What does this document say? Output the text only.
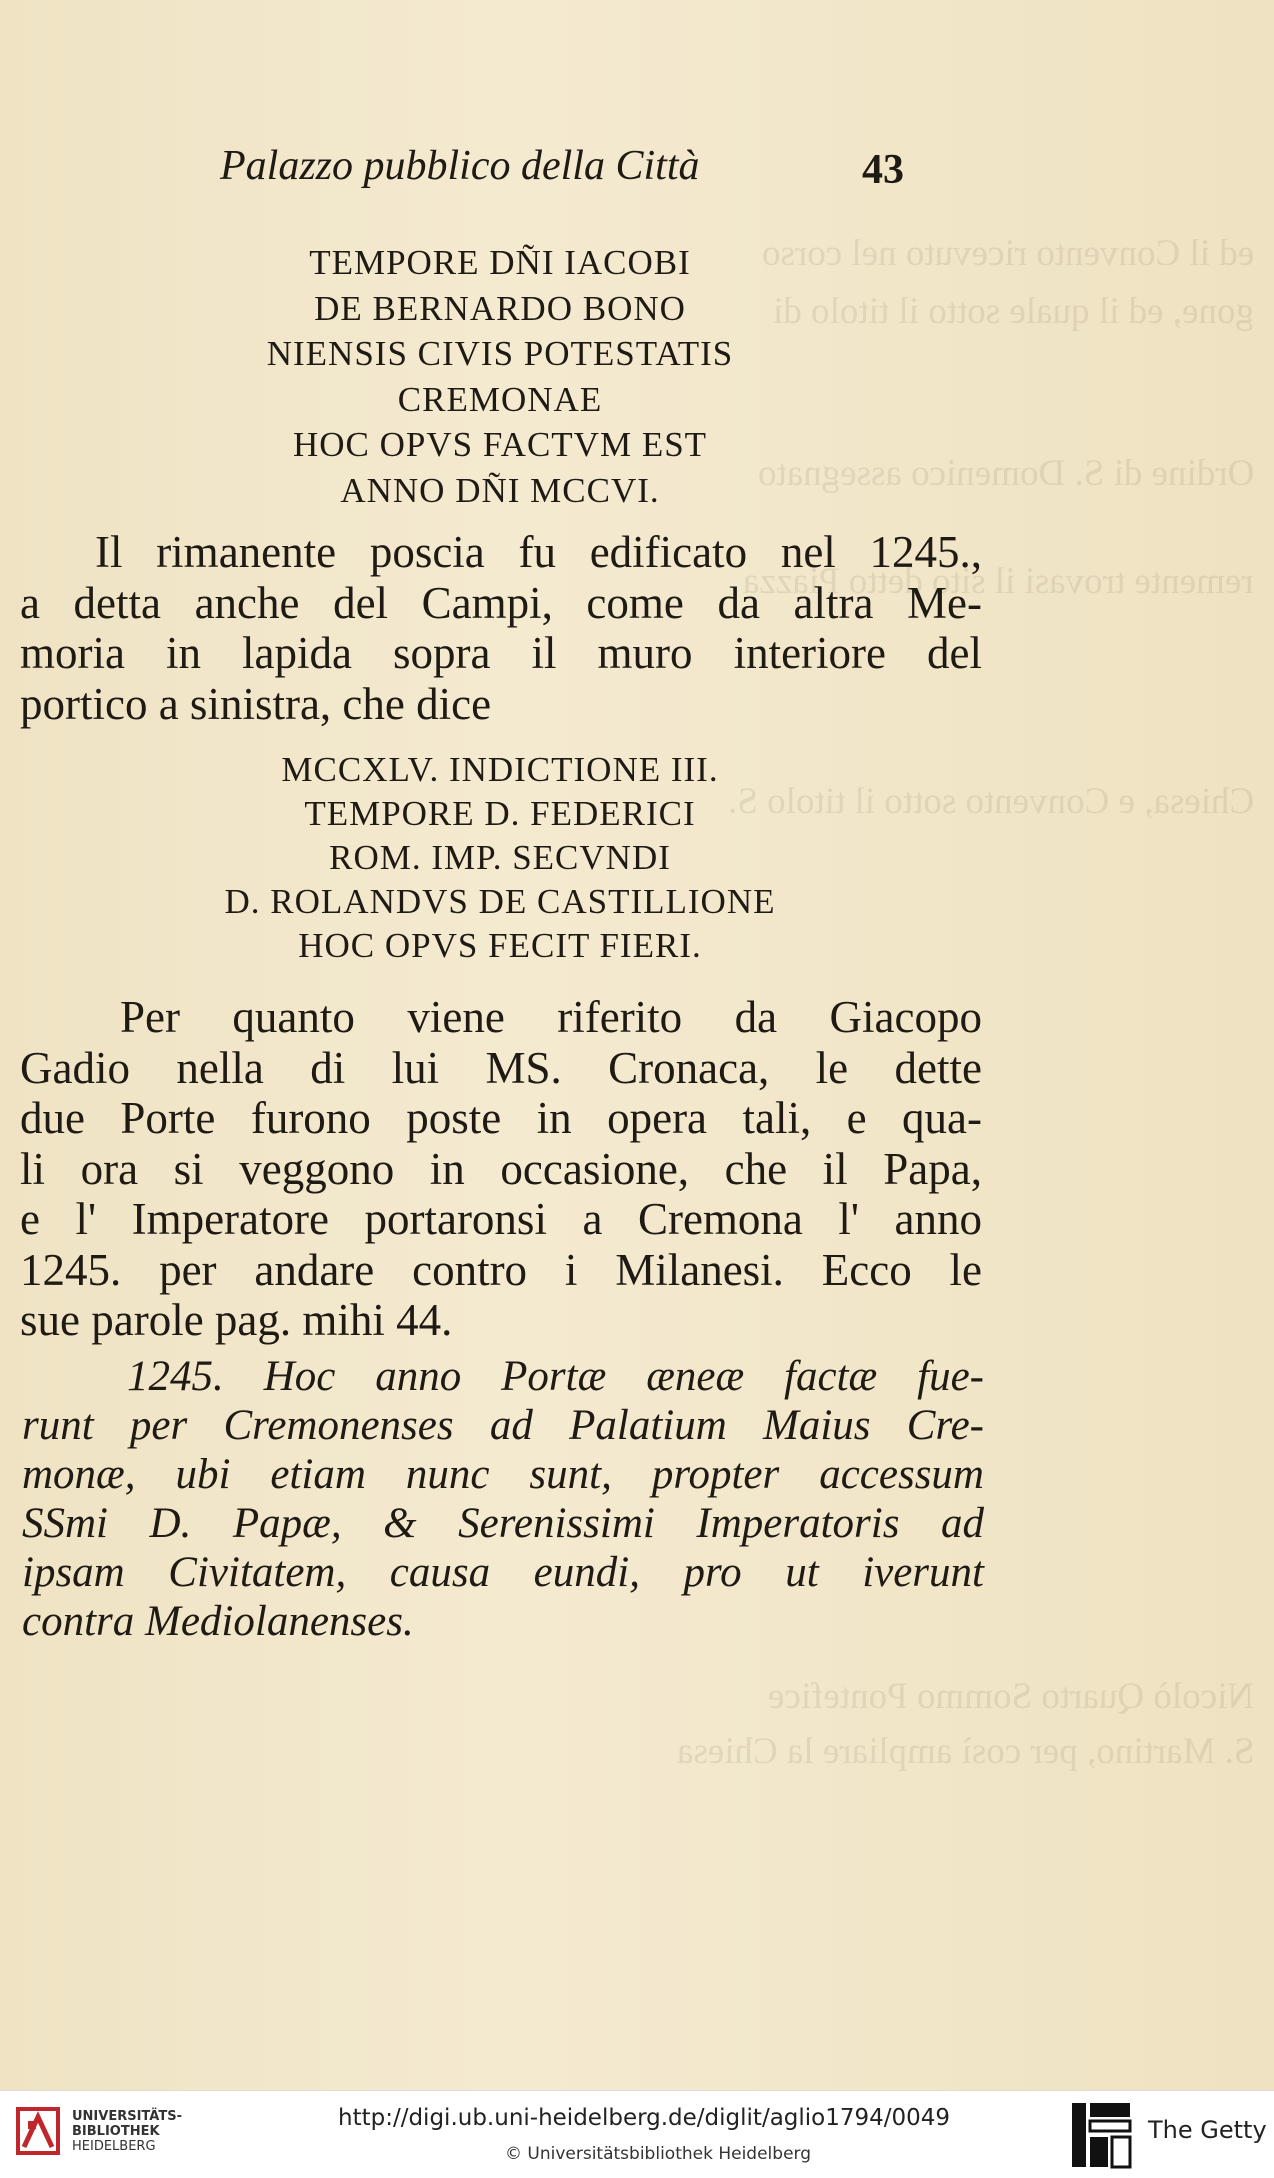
ed il Convento ricevuto nel corso
gone, ed il quale sotto il titolo di
Ordine di S. Domenico assegnato
remente trovasi il sito detto Piazza
Chiesa, e Convento sotto il titolo S.
Nicolò Quarto Sommo Pontefice
S. Martino, per così ampliare la Chiesa
Palazzo pubblico della Città	43
TEMPORE DÑI IACOBI
DE BERNARDO BONO
NIENSIS CIVIS POTESTATIS
CREMONAE
HOC OPVS FACTVM EST
ANNO DÑI MCCVI.
Il rimanente poscia fu edificato nel 1245.,
a detta anche del Campi, come da altra Me-
moria in lapida sopra il muro interiore del
portico a sinistra, che dice
MCCXLV. INDICTIONE III.
TEMPORE D. FEDERICI
ROM. IMP. SECVNDI
D. ROLANDVS DE CASTILLIONE
HOC OPVS FECIT FIERI.
Per quanto viene riferito da Giacopo
Gadio nella di lui MS. Cronaca, le dette
due Porte furono poste in opera tali, e qua-
li ora si veggono in occasione, che il Papa,
e l' Imperatore portaronsi a Cremona l' anno
1245. per andare contro i Milanesi. Ecco le
sue parole pag. mihi 44.
1245. Hoc anno Portæ æneæ factæ fue-
runt per Cremonenses ad Palatium Maius Cre-
monæ, ubi etiam nunc sunt, propter accessum
SSmi D. Papæ, & Serenissimi Imperatoris ad
ipsam Civitatem, causa eundi, pro ut iverunt
contra Mediolanenses.
UNIVERSITÄTS-
BIBLIOTHEK
HEIDELBERG
http://digi.ub.uni-heidelberg.de/diglit/aglio1794/0049
© Universitätsbibliothek Heidelberg
The Getty
